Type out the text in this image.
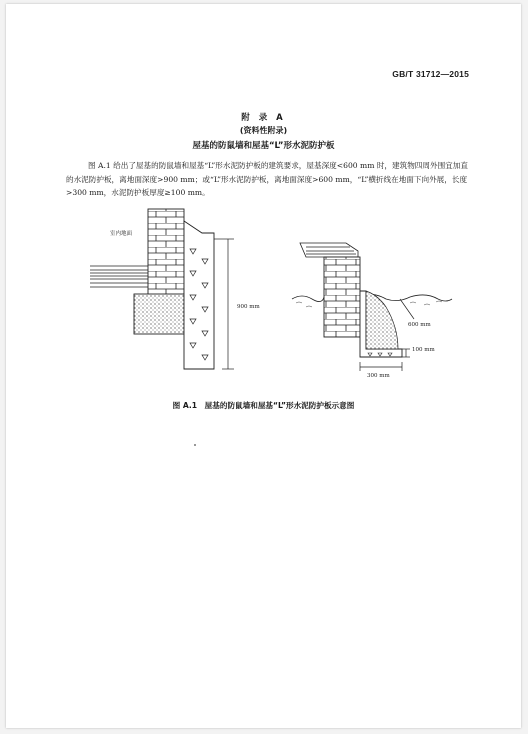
GB/T 31712—2015
附 录 A
(资料性附录)
屋基的防鼠墙和屋基“L”形水泥防护板
图 A.1 给出了屋基的防鼠墙和屋基“L”形水泥防护板的建筑要求，屋基深度<600 mm 时，建筑物四周外围宜加直的水泥防护板，离地面深度>900 mm；或“L”形水泥防护板，离地面深度>600 mm，“L”横折线在地面下向外展，长度>300 mm，水泥防护板厚度≥100 mm。
室内地面
900 mm
600 mm
100 mm
300 mm
图 A.1　屋基的防鼠墙和屋基“L”形水泥防护板示意图
